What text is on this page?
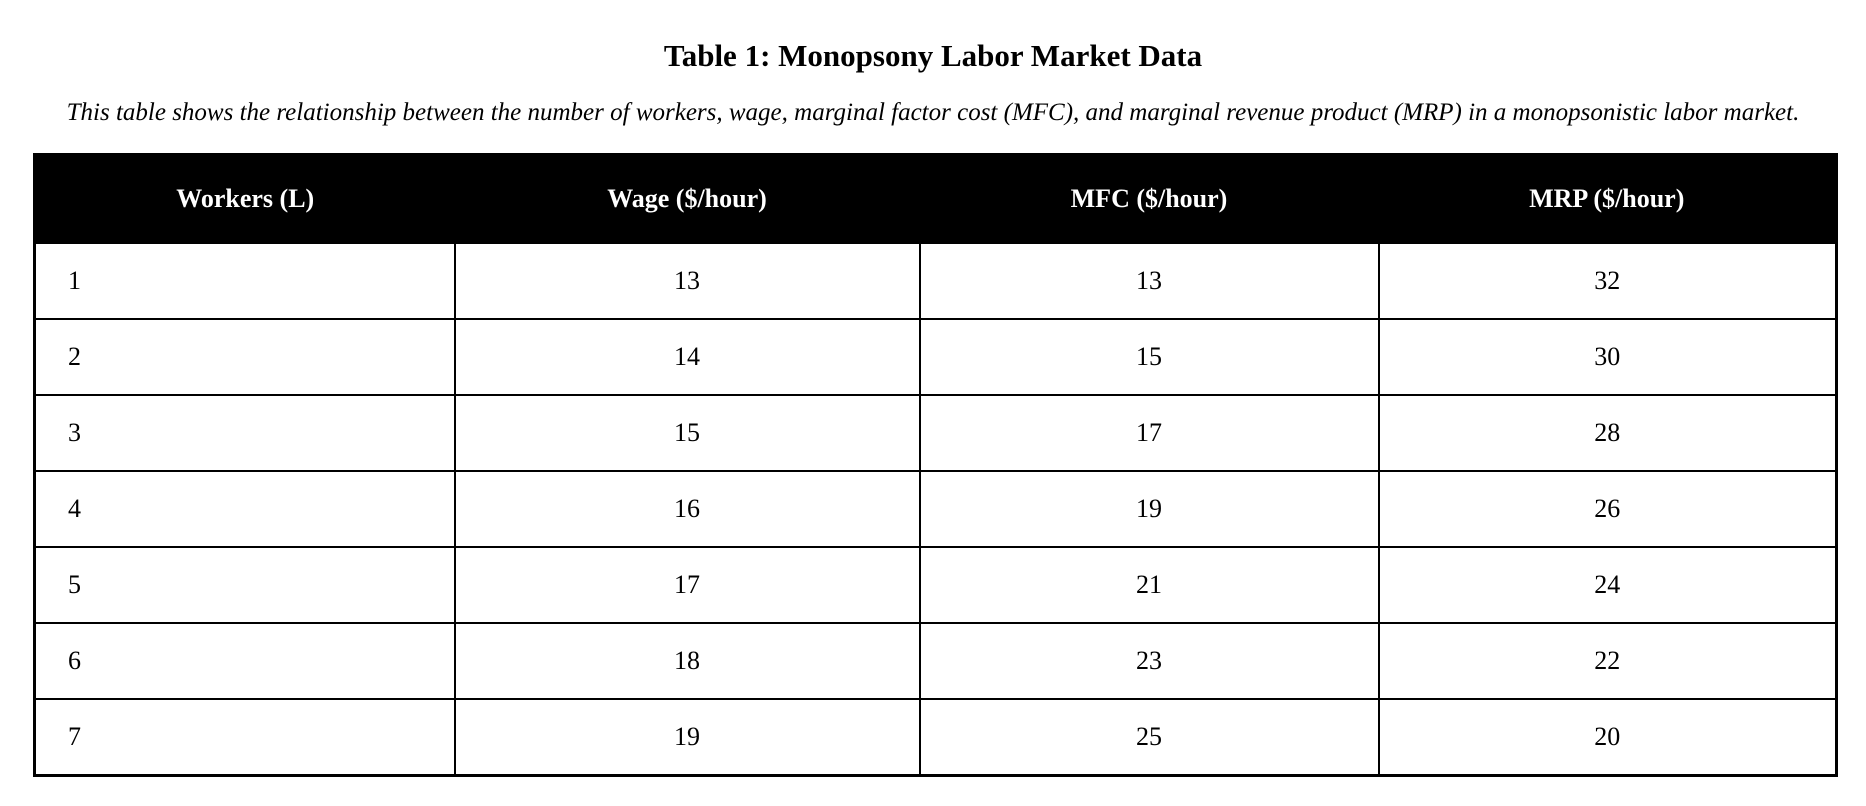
Table 1: Monopsony Labor Market Data
This table shows the relationship between the number of workers, wage, marginal factor cost (MFC), and marginal revenue product (MRP) in a monopsonistic labor market.
Workers (L)	Wage ($/hour)	MFC ($/hour)	MRP ($/hour)
1	13	13	32
2	14	15	30
3	15	17	28
4	16	19	26
5	17	21	24
6	18	23	22
7	19	25	20
